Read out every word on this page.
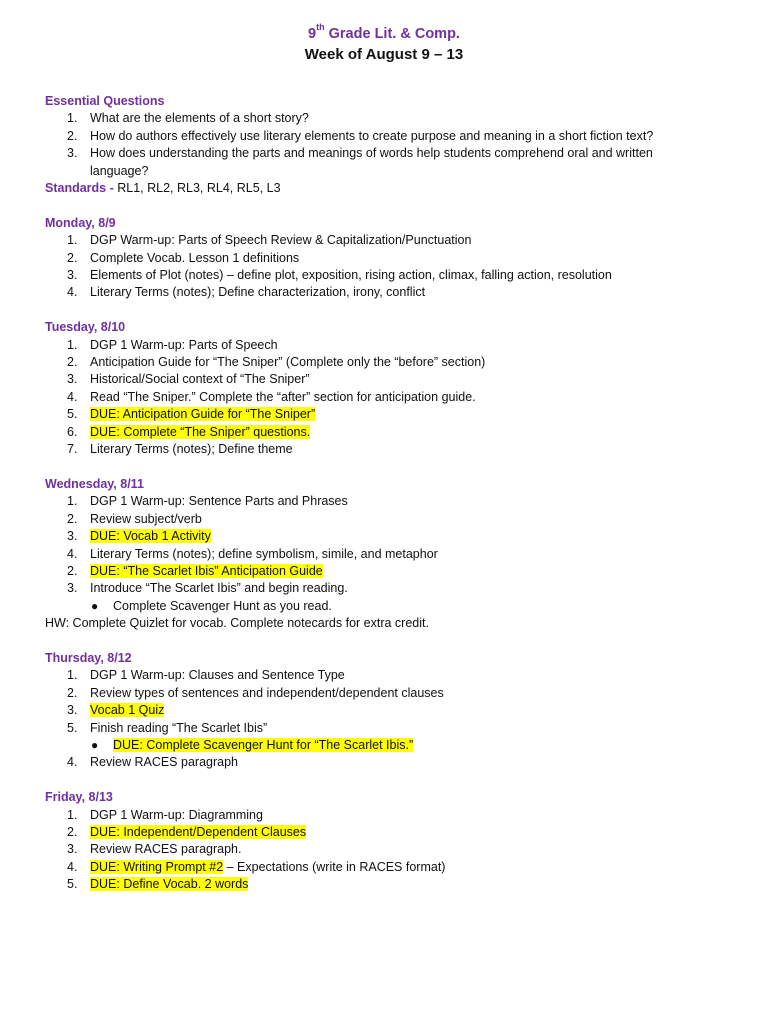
9th Grade Lit. & Comp.
Week of August 9 – 13
Essential Questions
1. What are the elements of a short story?
2. How do authors effectively use literary elements to create purpose and meaning in a short fiction text?
3. How does understanding the parts and meanings of words help students comprehend oral and written language?
Standards - RL1, RL2, RL3, RL4, RL5, L3
Monday, 8/9
1. DGP Warm-up: Parts of Speech Review & Capitalization/Punctuation
2. Complete Vocab. Lesson 1 definitions
3. Elements of Plot (notes) – define plot, exposition, rising action, climax, falling action, resolution
4. Literary Terms (notes); Define characterization, irony, conflict
Tuesday, 8/10
1. DGP 1 Warm-up: Parts of Speech
2. Anticipation Guide for “The Sniper” (Complete only the “before” section)
3. Historical/Social context of “The Sniper”
4. Read “The Sniper.” Complete the “after” section for anticipation guide.
5. DUE: Anticipation Guide for “The Sniper”
6. DUE: Complete “The Sniper” questions.
7. Literary Terms (notes); Define theme
Wednesday, 8/11
1. DGP 1 Warm-up: Sentence Parts and Phrases
2. Review subject/verb
3. DUE: Vocab 1 Activity
4. Literary Terms (notes); define symbolism, simile, and metaphor
2. DUE: “The Scarlet Ibis” Anticipation Guide
3. Introduce “The Scarlet Ibis” and begin reading.
● Complete Scavenger Hunt as you read.
HW: Complete Quizlet for vocab. Complete notecards for extra credit.
Thursday, 8/12
1. DGP 1 Warm-up: Clauses and Sentence Type
2. Review types of sentences and independent/dependent clauses
3. Vocab 1 Quiz
5. Finish reading “The Scarlet Ibis”
● DUE: Complete Scavenger Hunt for “The Scarlet Ibis.”
4. Review RACES paragraph
Friday, 8/13
1. DGP 1 Warm-up: Diagramming
2. DUE: Independent/Dependent Clauses
3. Review RACES paragraph.
4. DUE: Writing Prompt #2 – Expectations (write in RACES format)
5. DUE: Define Vocab. 2 words
